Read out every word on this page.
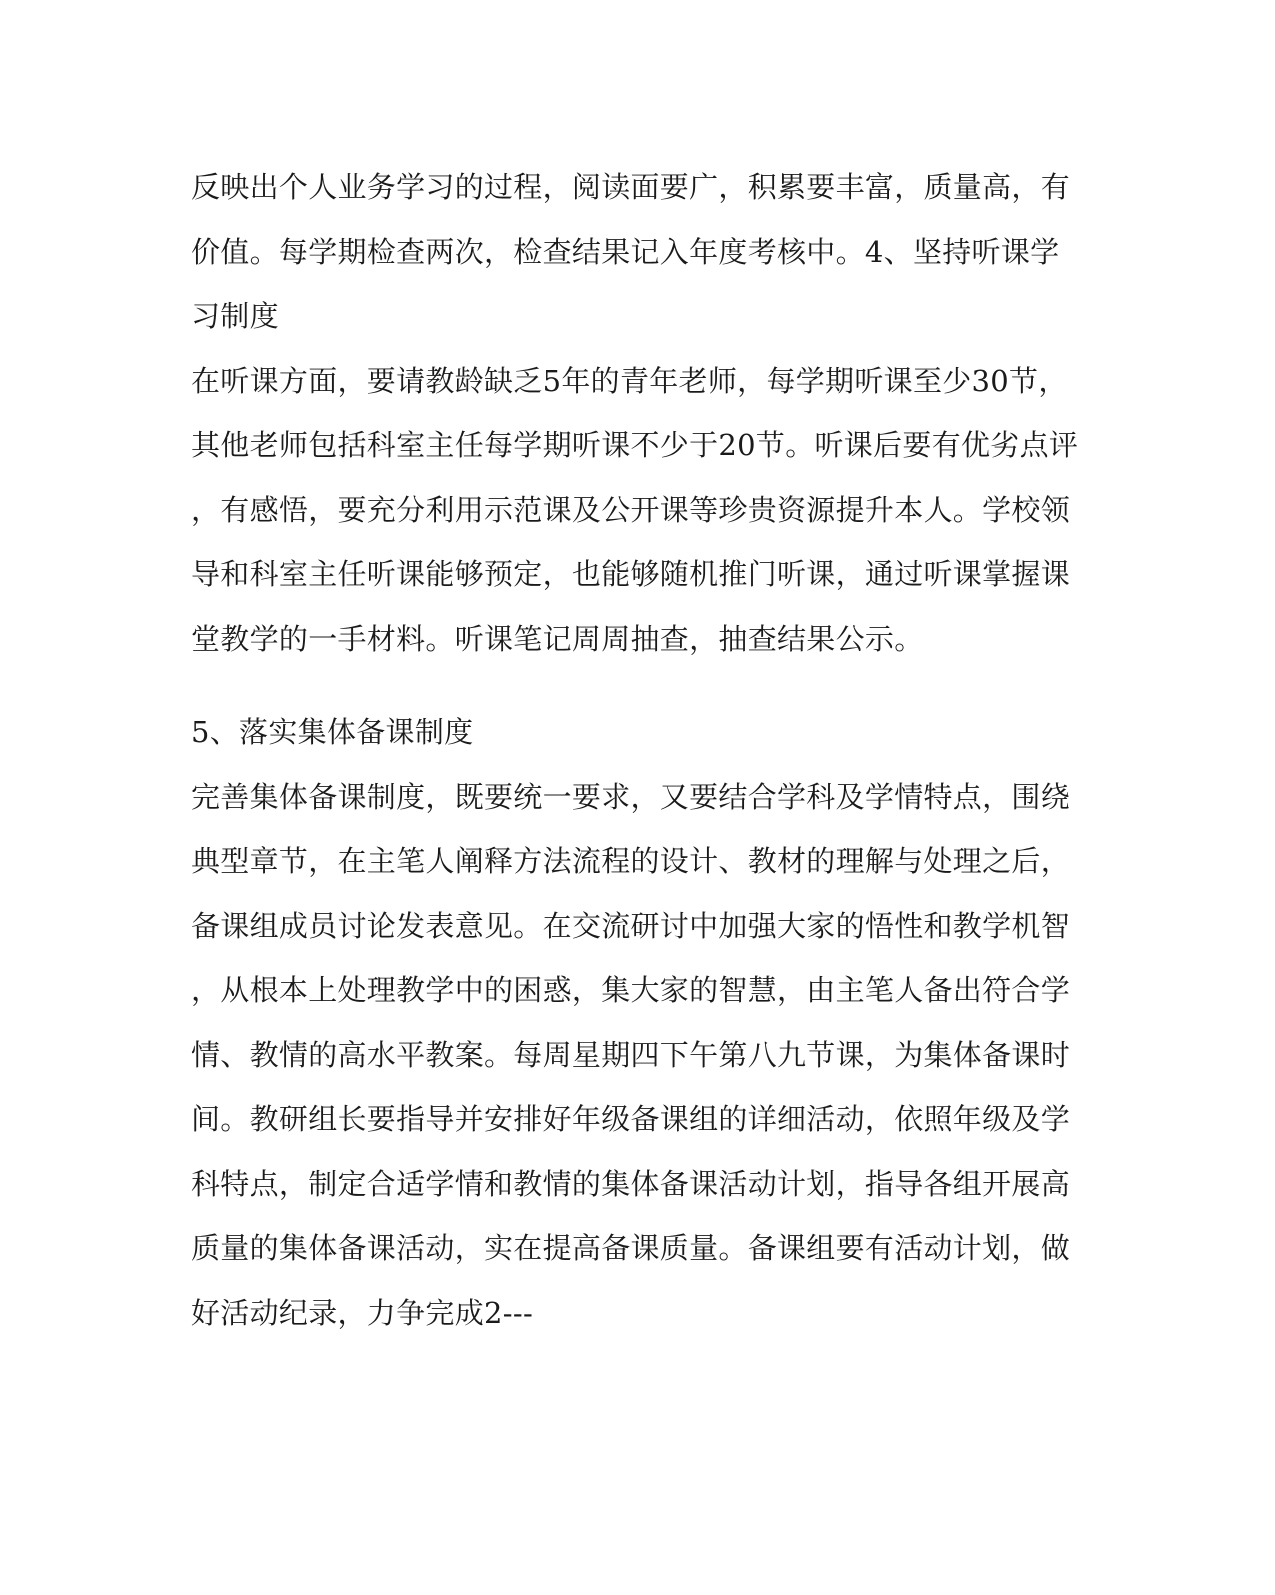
反映出个人业务学习的过程，阅读面要广，积累要丰富，质量高，有

价值。每学期检查两次，检查结果记入年度考核中。4、坚持听课学

习制度

在听课方面，要请教龄缺乏5年的青年老师，每学期听课至少30节，

其他老师包括科室主任每学期听课不少于20节。听课后要有优劣点评

，有感悟，要充分利用示范课及公开课等珍贵资源提升本人。学校领

导和科室主任听课能够预定，也能够随机推门听课，通过听课掌握课

堂教学的一手材料。听课笔记周周抽查，抽查结果公示。

5、落实集体备课制度

完善集体备课制度，既要统一要求，又要结合学科及学情特点，围绕

典型章节，在主笔人阐释方法流程的设计、教材的理解与处理之后，

备课组成员讨论发表意见。在交流研讨中加强大家的悟性和教学机智

，从根本上处理教学中的困惑，集大家的智慧，由主笔人备出符合学

情、教情的高水平教案。每周星期四下午第八九节课，为集体备课时

间。教研组长要指导并安排好年级备课组的详细活动，依照年级及学

科特点，制定合适学情和教情的集体备课活动计划，指导各组开展高

质量的集体备课活动，实在提高备课质量。备课组要有活动计划，做

好活动纪录，力争完成2---
